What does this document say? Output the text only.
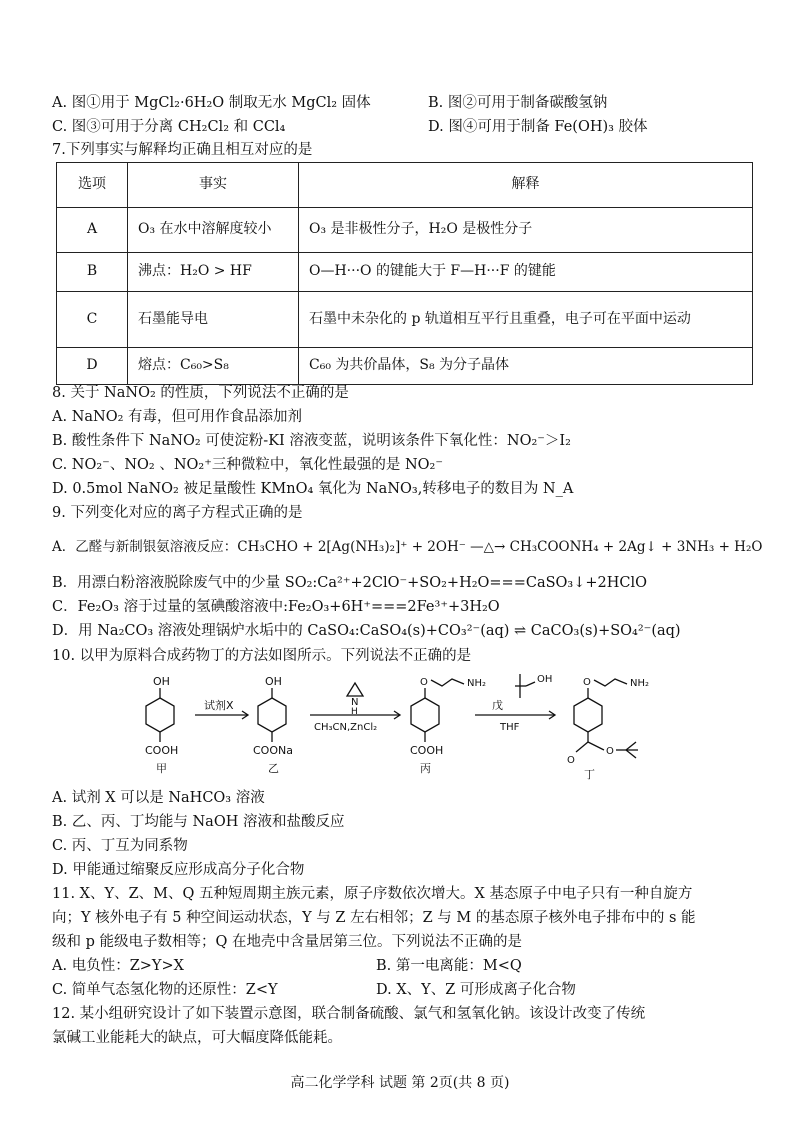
A. 图①用于 MgCl₂·6H₂O 制取无水 MgCl₂ 固体	B. 图②可用于制备碳酸氢钠
C. 图③可用于分离 CH₂Cl₂ 和 CCl₄	D. 图④可用于制备 Fe(OH)₃ 胶体
7.下列事实与解释均正确且相互对应的是
选项	事实	解释
A	O₃ 在水中溶解度较小	O₃ 是非极性分子，H₂O 是极性分子
B	沸点：H₂O > HF	O—H···O 的键能大于 F—H···F 的键能
C	石墨能导电	石墨中未杂化的 p 轨道相互平行且重叠，电子可在平面中运动
D	熔点：C₆₀>S₈	C₆₀ 为共价晶体，S₈ 为分子晶体
8. 关于 NaNO₂ 的性质，下列说法不正确的是
A. NaNO₂ 有毒，但可用作食品添加剂
B. 酸性条件下 NaNO₂ 可使淀粉-KI 溶液变蓝，说明该条件下氧化性：NO₂⁻＞I₂
C. NO₂⁻、NO₂ 、NO₂⁺三种微粒中，氧化性最强的是 NO₂⁻
D. 0.5mol NaNO₂ 被足量酸性 KMnO₄ 氧化为 NaNO₃,转移电子的数目为 N_A
9. 下列变化对应的离子方程式正确的是
A．乙醛与新制银氨溶液反应：CH₃CHO + 2[Ag(NH₃)₂]⁺ + 2OH⁻ —△→ CH₃COONH₄ + 2Ag↓ + 3NH₃ + H₂O
B．用漂白粉溶液脱除废气中的少量 SO₂:Ca²⁺+2ClO⁻+SO₂+H₂O===CaSO₃↓+2HClO
C．Fe₂O₃ 溶于过量的氢碘酸溶液中:Fe₂O₃+6H⁺===2Fe³⁺+3H₂O
D．用 Na₂CO₃ 溶液处理锅炉水垢中的 CaSO₄:CaSO₄(s)+CO₃²⁻(aq) ⇌ CaCO₃(s)+SO₄²⁻(aq)
10. 以甲为原料合成药物丁的方法如图所示。下列说法不正确的是
OH
COOH
甲
试剂X
OH
COONa
乙
N
H
CH₃CN,ZnCl₂
O	NH₂
COOH
丙
OH
戊
THF
O	NH₂
O
O
丁
A. 试剂 X 可以是 NaHCO₃ 溶液
B. 乙、丙、丁均能与 NaOH 溶液和盐酸反应
C. 丙、丁互为同系物
D. 甲能通过缩聚反应形成高分子化合物
11. X、Y、Z、M、Q 五种短周期主族元素，原子序数依次增大。X 基态原子中电子只有一种自旋方
向；Y 核外电子有 5 种空间运动状态，Y 与 Z 左右相邻；Z 与 M 的基态原子核外电子排布中的 s 能
级和 p 能级电子数相等；Q 在地壳中含量居第三位。下列说法不正确的是
A. 电负性：Z>Y>X	B. 第一电离能：M<Q
C. 简单气态氢化物的还原性：Z<Y	D. X、Y、Z 可形成离子化合物
12. 某小组研究设计了如下装置示意图，联合制备硫酸、氯气和氢氧化钠。该设计改变了传统
氯碱工业能耗大的缺点，可大幅度降低能耗。
高二化学学科 试题 第 2页(共 8 页)
